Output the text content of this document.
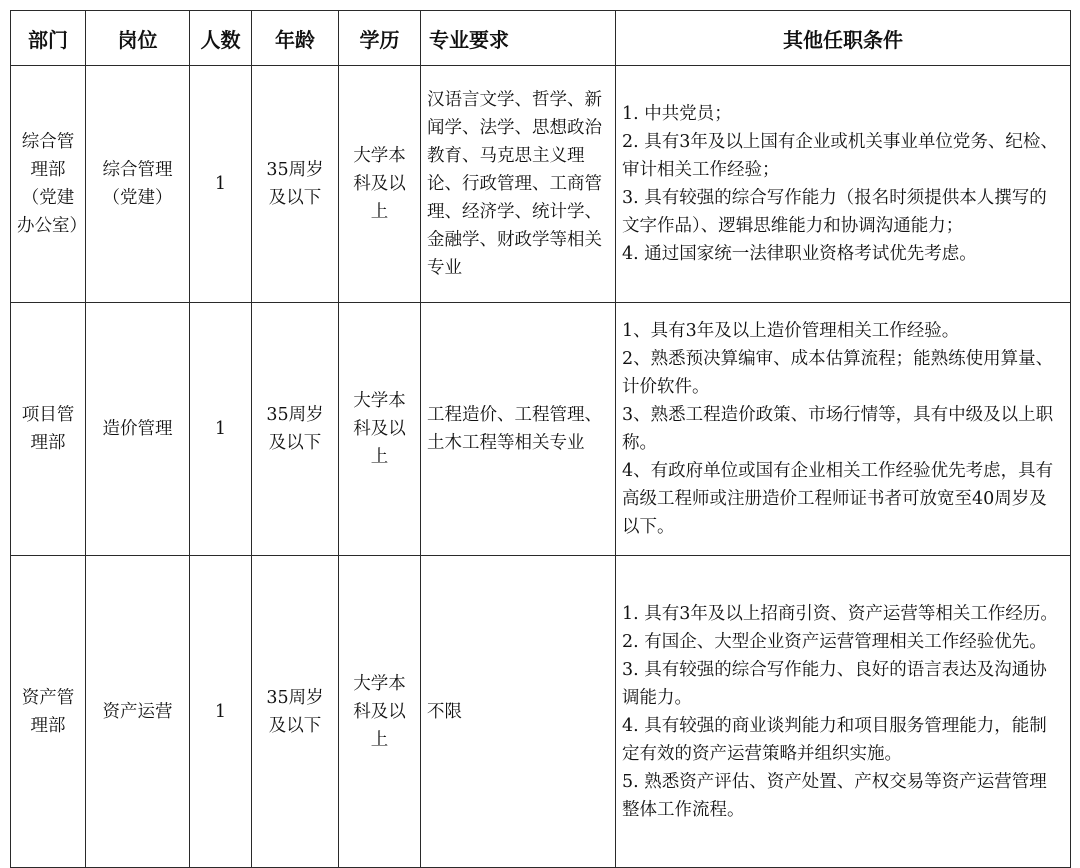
部门	岗位	人数	年龄	学历	专业要求	其他任职条件
综合管理部（党建办公室）	综合管理（党建）	1	35周岁及以下	大学本科及以上	汉语言文学、哲学、新闻学、法学、思想政治教育、马克思主义理论、行政管理、工商管理、经济学、统计学、金融学、财政学等相关专业	1. 中共党员；
2. 具有3年及以上国有企业或机关事业单位党务、纪检、审计相关工作经验；
3. 具有较强的综合写作能力（报名时须提供本人撰写的文字作品）、逻辑思维能力和协调沟通能力；
4. 通过国家统一法律职业资格考试优先考虑。

项目管理部	造价管理	1	35周岁及以下	大学本科及以上	工程造价、工程管理、土木工程等相关专业	1、具有3年及以上造价管理相关工作经验。
2、熟悉预决算编审、成本估算流程；能熟练使用算量、计价软件。
3、熟悉工程造价政策、市场行情等，具有中级及以上职称。
4、有政府单位或国有企业相关工作经验优先考虑，具有高级工程师或注册造价工程师证书者可放宽至40周岁及以下。

资产管理部	资产运营	1	35周岁及以下	大学本科及以上	不限	1. 具有3年及以上招商引资、资产运营等相关工作经历。
2. 有国企、大型企业资产运营管理相关工作经验优先。
3. 具有较强的综合写作能力、良好的语言表达及沟通协调能力。
4. 具有较强的商业谈判能力和项目服务管理能力，能制定有效的资产运营策略并组织实施。
5. 熟悉资产评估、资产处置、产权交易等资产运营管理整体工作流程。
